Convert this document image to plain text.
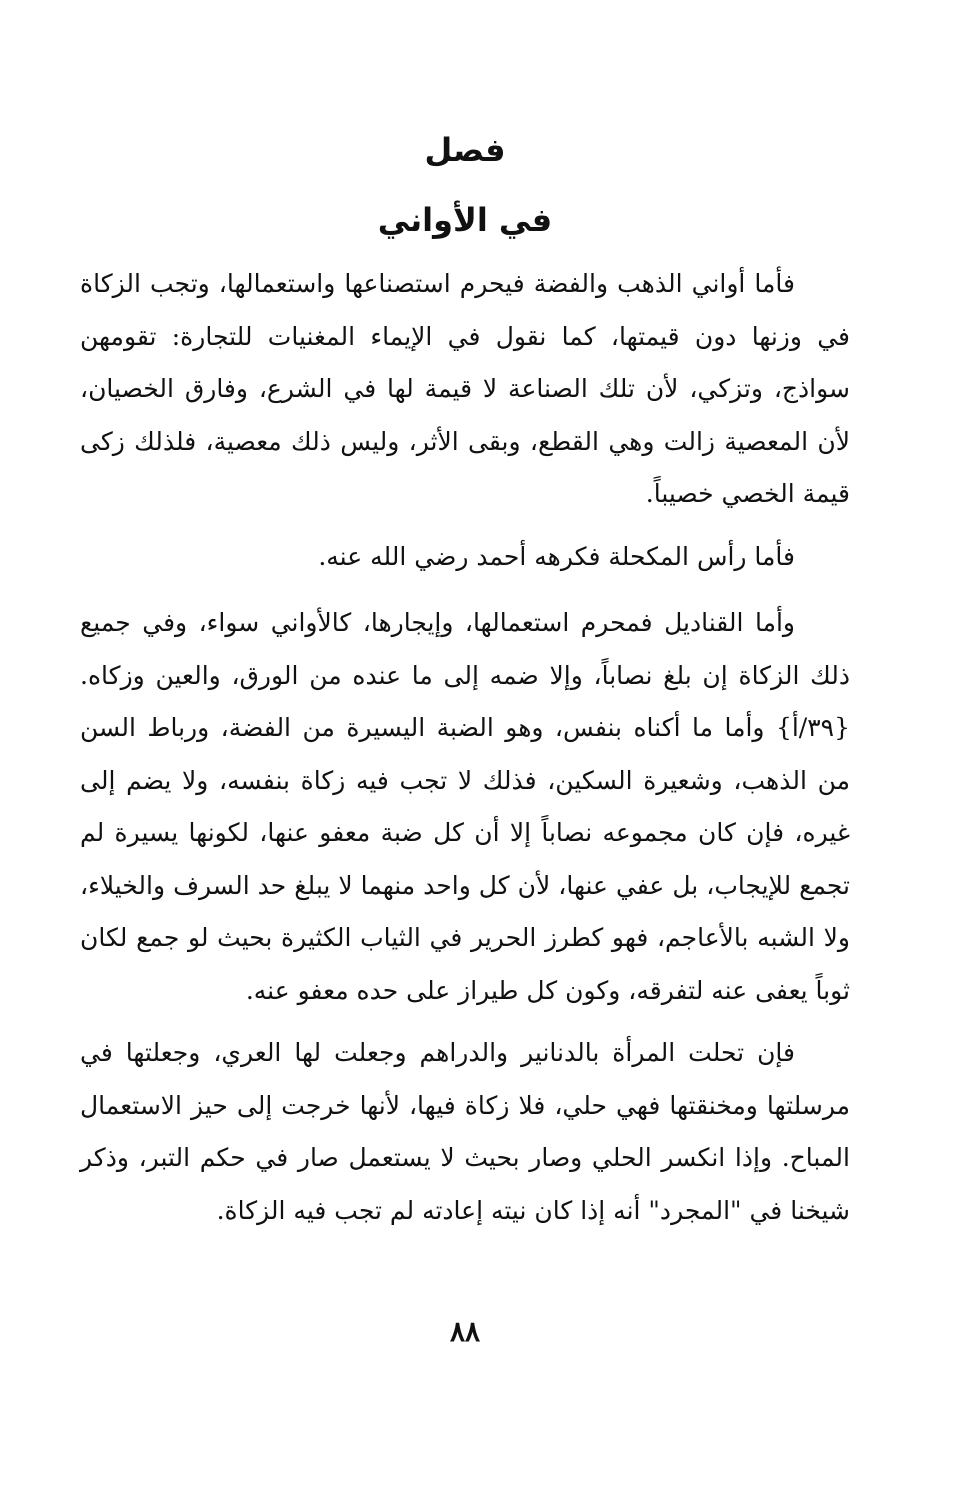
فصل
في الأواني

فأما أواني الذهب والفضة فيحرم استصناعها واستعمالها، وتجب الزكاة في وزنها دون قيمتها، كما نقول في الإيماء المغنيات للتجارة: تقومهن سواذج، وتزكي، لأن تلك الصناعة لا قيمة لها في الشرع، وفارق الخصيان، لأن المعصية زالت وهي القطع، وبقى الأثر، وليس ذلك معصية، فلذلك زكى قيمة الخصي خصيباً.

فأما رأس المكحلة فكرهه أحمد رضي الله عنه.

وأما القناديل فمحرم استعمالها، وإيجارها، كالأواني سواء، وفي جميع ذلك الزكاة إن بلغ نصاباً، وإلا ضمه إلى ما عنده من الورق، والعين وزكاه. {٣٩/أ} وأما ما أكناه بنفس، وهو الضبة اليسيرة من الفضة، ورباط السن من الذهب، وشعيرة السكين، فذلك لا تجب فيه زكاة بنفسه، ولا يضم إلى غيره، فإن كان مجموعه نصاباً إلا أن كل ضبة معفو عنها، لكونها يسيرة لم تجمع للإيجاب، بل عفي عنها، لأن كل واحد منهما لا يبلغ حد السرف والخيلاء، ولا الشبه بالأعاجم، فهو كطرز الحرير في الثياب الكثيرة بحيث لو جمع لكان ثوباً يعفى عنه لتفرقه، وكون كل طيراز على حده معفو عنه.

فإن تحلت المرأة بالدنانير والدراهم وجعلت لها العري، وجعلتها في مرسلتها ومخنقتها فهي حلي، فلا زكاة فيها، لأنها خرجت إلى حيز الاستعمال المباح. وإذا انكسر الحلي وصار بحيث لا يستعمل صار في حكم التبر، وذكر شيخنا في "المجرد" أنه إذا كان نيته إعادته لم تجب فيه الزكاة.

٨٨
